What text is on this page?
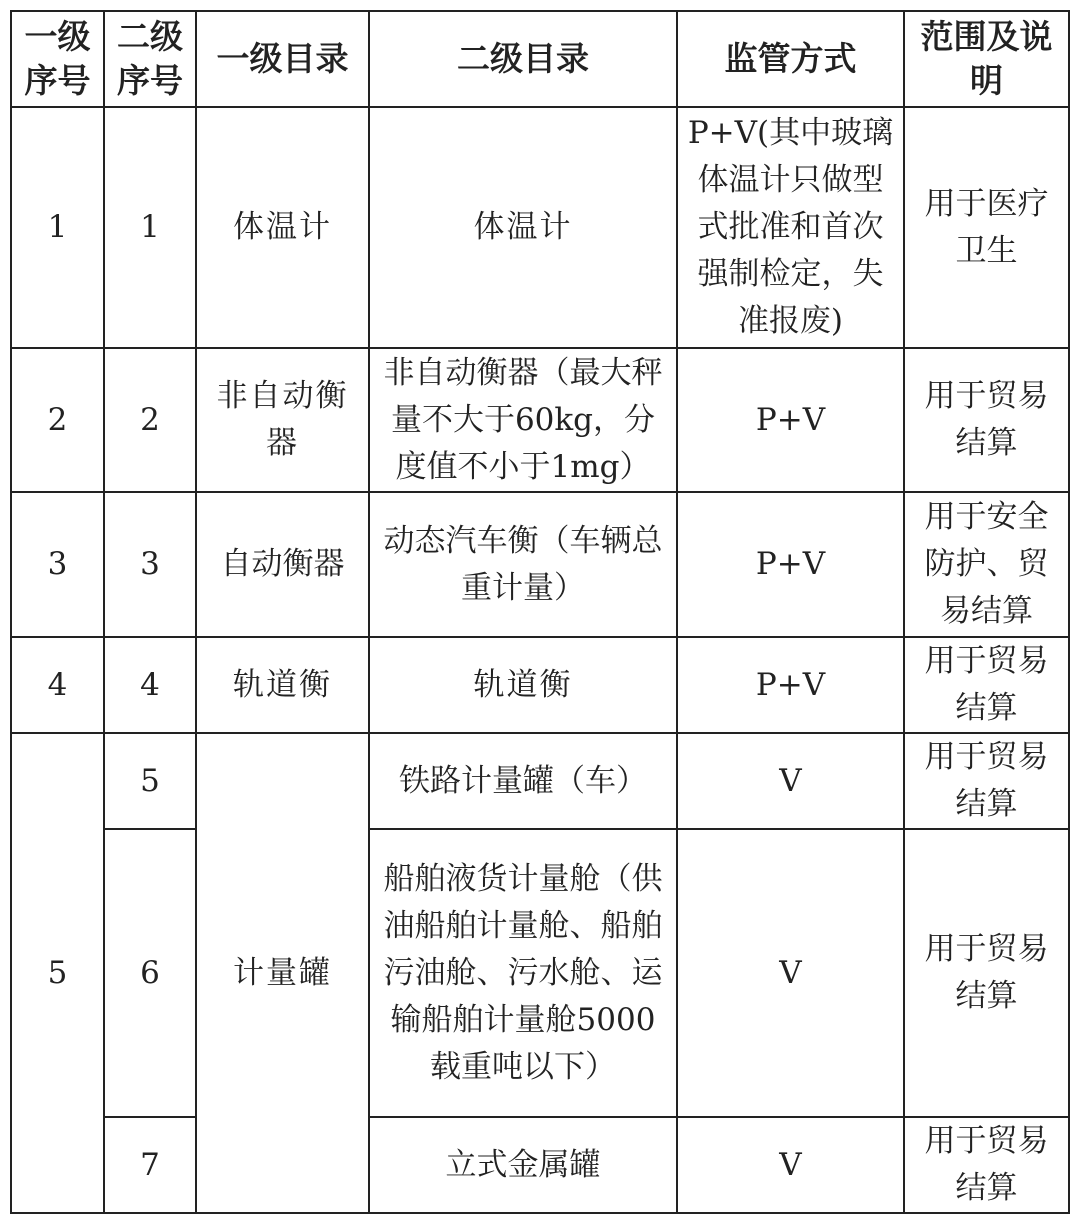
一级序号	二级序号	一级目录	二级目录	监管方式	范围及说明
1	1	体温计	体温计	P+V(其中玻璃体温计只做型式批准和首次强制检定，失准报废)	用于医疗卫生
2	2	非自动衡器	非自动衡器（最大秤量不大于60kg，分度值不小于1mg）	P+V	用于贸易结算
3	3	自动衡器	动态汽车衡（车辆总重计量）	P+V	用于安全防护、贸易结算
4	4	轨道衡	轨道衡	P+V	用于贸易结算
5	5	计量罐	铁路计量罐（车）	V	用于贸易结算
	6		船舶液货计量舱（供油船舶计量舱、船舶污油舱、污水舱、运输船舶计量舱5000载重吨以下）	V	用于贸易结算
	7		立式金属罐	V	用于贸易结算
